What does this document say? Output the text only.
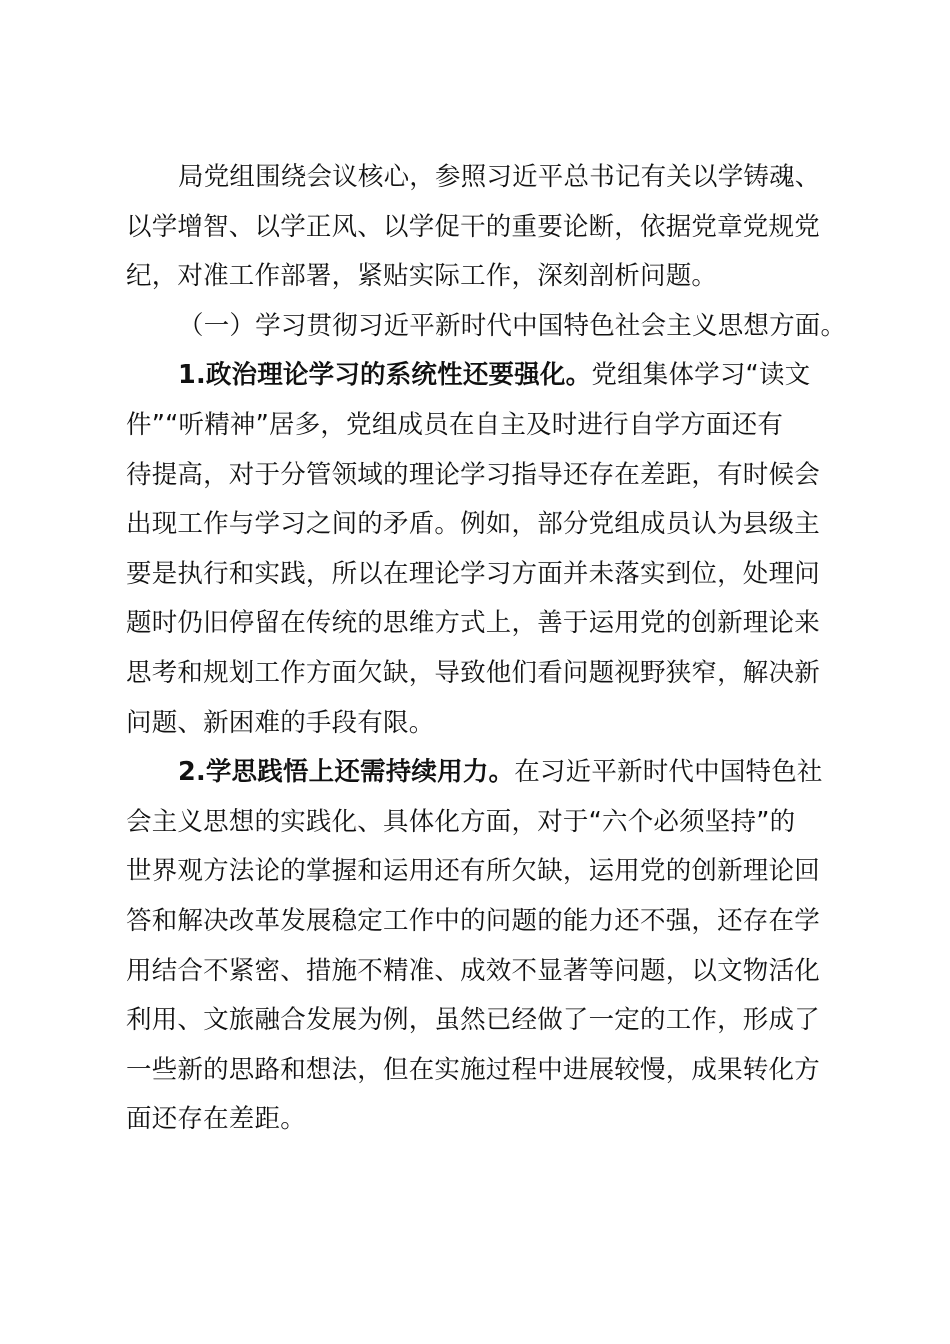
局党组围绕会议核心，参照习近平总书记有关以学铸魂、
以学增智、以学正风、以学促干的重要论断，依据党章党规党
纪，对准工作部署，紧贴实际工作，深刻剖析问题。
（一）学习贯彻习近平新时代中国特色社会主义思想方面。
1.政治理论学习的系统性还要强化。党组集体学习“读文
件”“听精神”居多，党组成员在自主及时进行自学方面还有
待提高，对于分管领域的理论学习指导还存在差距，有时候会
出现工作与学习之间的矛盾。例如，部分党组成员认为县级主
要是执行和实践，所以在理论学习方面并未落实到位，处理问
题时仍旧停留在传统的思维方式上，善于运用党的创新理论来
思考和规划工作方面欠缺，导致他们看问题视野狭窄，解决新
问题、新困难的手段有限。
2.学思践悟上还需持续用力。在习近平新时代中国特色社
会主义思想的实践化、具体化方面，对于“六个必须坚持”的
世界观方法论的掌握和运用还有所欠缺，运用党的创新理论回
答和解决改革发展稳定工作中的问题的能力还不强，还存在学
用结合不紧密、措施不精准、成效不显著等问题，以文物活化
利用、文旅融合发展为例，虽然已经做了一定的工作，形成了
一些新的思路和想法，但在实施过程中进展较慢，成果转化方
面还存在差距。
